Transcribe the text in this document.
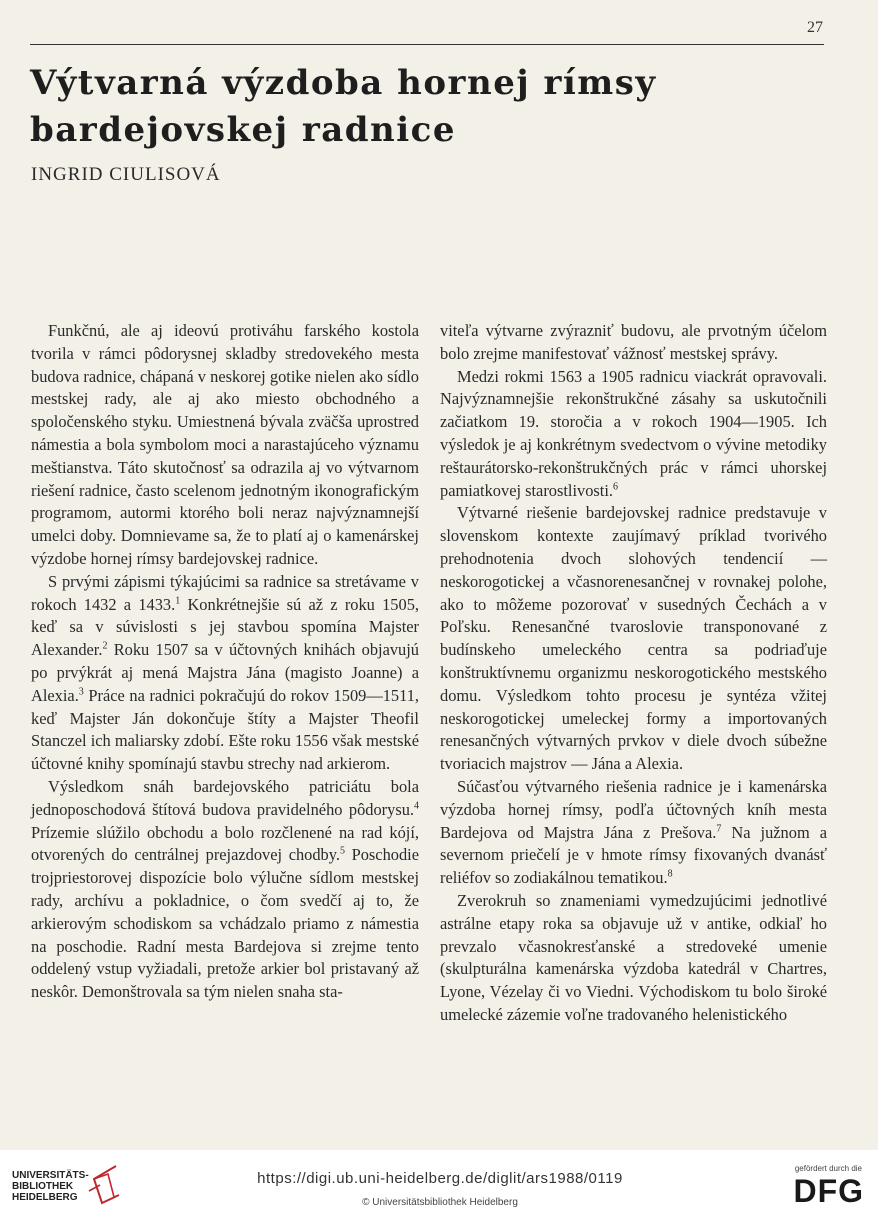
27
Výtvarná výzdoba hornej rímsy
bardejovskej radnice

INGRID CIULISOVÁ

Funkčnú, ale aj ideovú protiváhu farského kostola tvorila v rámci pôdorysnej skladby stredovekého mesta budova radnice, chápaná v neskorej gotike nielen ako sídlo mestskej rady, ale aj ako miesto obchodného a spoločenského styku. Umiestnená bývala zväčša uprostred námestia a bola symbolom moci a narastajúceho významu meštianstva. Táto skutočnosť sa odrazila aj vo výtvarnom riešení radnice, často scelenom jednotným ikonografickým programom, autormi ktorého boli neraz najvýznamnejší umelci doby. Domnievame sa, že to platí aj o kamenárskej výzdobe hornej rímsy bardejovskej radnice.

S prvými zápismi týkajúcimi sa radnice sa stretávame v rokoch 1432 a 1433.$^1$ Konkrétnejšie sú až z roku 1505, keď sa v súvislosti s jej stavbou spomína Majster Alexander.$^2$ Roku 1507 sa v účtovných knihách objavujú po prvýkrát aj mená Majstra Jána (magisto Joanne) a Alexia.$^3$ Práce na radnici pokračujú do rokov 1509—1511, keď Majster Ján dokončuje štíty a Majster Theofil Stanczel ich maliarsky zdobí. Ešte roku 1556 však mestské účtovné knihy spomínajú stavbu strechy nad arkierom.

Výsledkom snáh bardejovského patriciátu bola jednoposchodová štítová budova pravidelného pôdorysu.$^4$ Prízemie slúžilo obchodu a bolo rozčlenené na rad kójí, otvorených do centrálnej prejazdovej chodby.$^5$ Poschodie trojpriestorovej dispozície bolo výlučne sídlom mestskej rady, archívu a pokladnice, o čom svedčí aj to, že arkierovým schodiskom sa vchádzalo priamo z námestia na poschodie. Radní mesta Bardejova si zrejme tento oddelený vstup vyžiadali, pretože arkier bol pristavaný až neskôr. Demonštrovala sa tým nielen snaha sta-

viteľa výtvarne zvýrazniť budovu, ale prvotným účelom bolo zrejme manifestovať vážnosť mestskej správy.

Medzi rokmi 1563 a 1905 radnicu viackrát opravovali. Najvýznamnejšie rekonštrukčné zásahy sa uskutočnili začiatkom 19. storočia a v rokoch 1904—1905. Ich výsledok je aj konkrétnym svedectvom o vývine metodiky reštaurátorsko-rekonštrukčných prác v rámci uhorskej pamiatkovej starostlivosti.$^6$

Výtvarné riešenie bardejovskej radnice predstavuje v slovenskom kontexte zaujímavý príklad tvorivého prehodnotenia dvoch slohových tendencií — neskorogotickej a včasnorenesančnej v rovnakej polohe, ako to môžeme pozorovať v susedných Čechách a v Poľsku. Renesančné tvaroslovie transponované z budínskeho umeleckého centra sa podriaďuje konštruktívnemu organizmu neskorogotického mestského domu. Výsledkom tohto procesu je syntéza vžitej neskorogotickej umeleckej formy a importovaných renesančných výtvarných prvkov v diele dvoch súbežne tvoriacich majstrov — Jána a Alexia.

Súčasťou výtvarného riešenia radnice je i kamenárska výzdoba hornej rímsy, podľa účtovných kníh mesta Bardejova od Majstra Jána z Prešova.$^7$ Na južnom a severnom priečelí je v hmote rímsy fixovaných dvanásť reliéfov so zodiakálnou tematikou.$^8$

Zverokruh so znameniami vymedzujúcimi jednotlivé astrálne etapy roka sa objavuje už v antike, odkiaľ ho prevzalo včasnokresťanské a stredoveké umenie (skulpturálna kamenárska výzdoba katedrál v Chartres, Lyone, Vézelay či vo Viedni. Východiskom tu bolo široké umelecké zázemie voľne tradovaného helenistického

UNIVERSITÄTS-
BIBLIOTHEK
HEIDELBERG
https://digi.ub.uni-heidelberg.de/diglit/ars1988/0119
© Universitätsbibliothek Heidelberg
gefördert durch die
DFG
